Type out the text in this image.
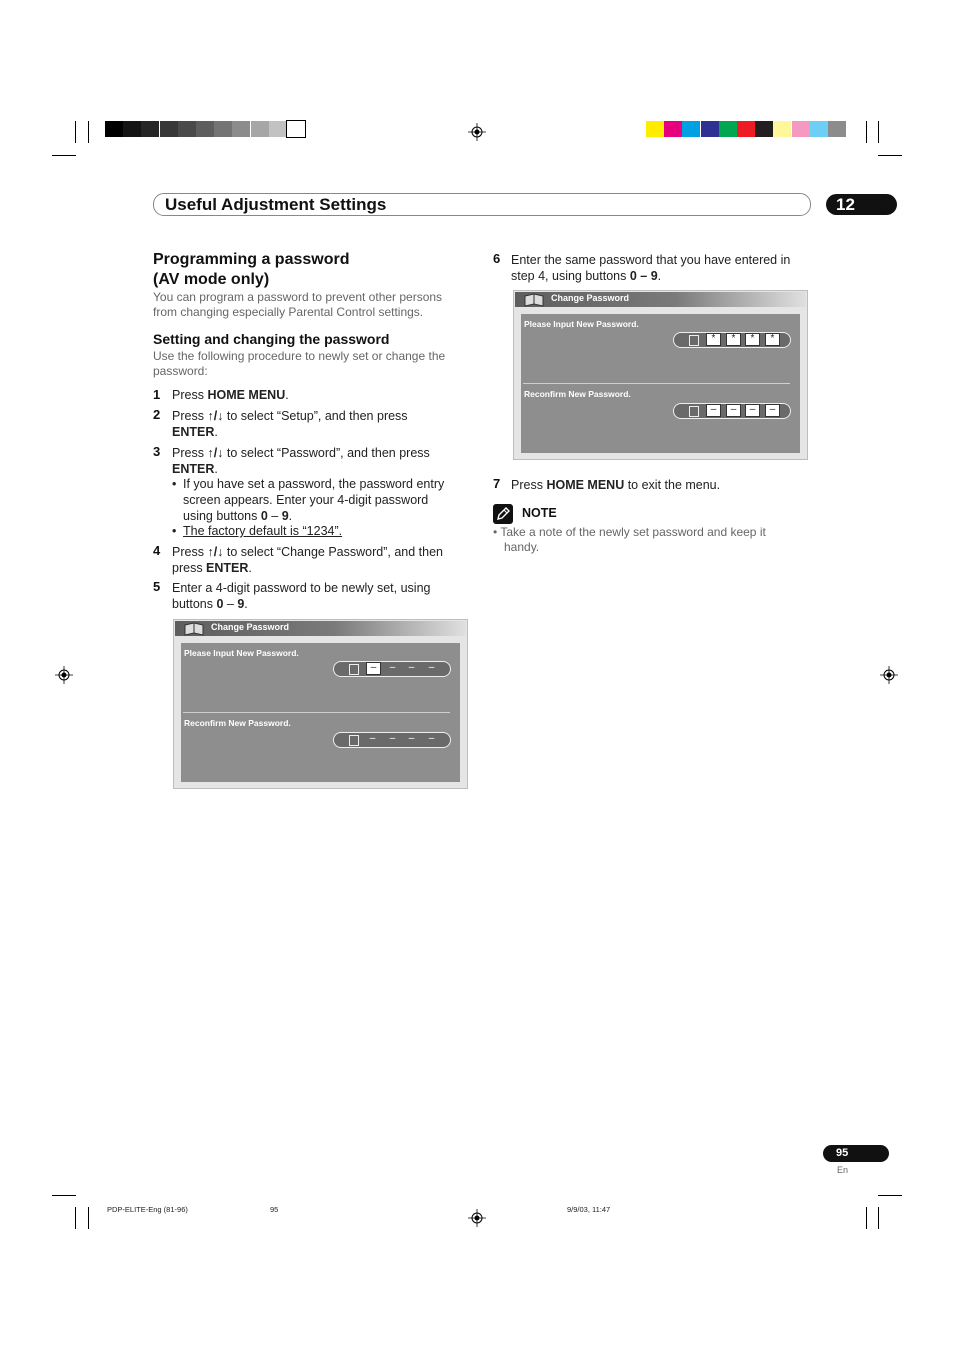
Useful Adjustment Settings	12
Programming a password
(AV mode only)
You can program a password to prevent other persons
from changing especially Parental Control settings.
Setting and changing the password
Use the following procedure to newly set or change the
password:
1 Press HOME MENU.
2 Press ↑/↓ to select “Setup”, and then press
ENTER.
3 Press ↑/↓ to select “Password”, and then press
ENTER.
• If you have set a password, the password entry
screen appears. Enter your 4-digit password
using buttons 0 – 9.
• The factory default is “1234”.
4 Press ↑/↓ to select “Change Password”, and then
press ENTER.
5 Enter a 4-digit password to be newly set, using
buttons 0 – 9.
Change Password
Please Input New Password.
–	–	–	–
Reconfirm New Password.
–	–	–	–
6 Enter the same password that you have entered in
step 4, using buttons 0 – 9.
Change Password
Please Input New Password.
*	*	*	*
Reconfirm New Password.
–	–	–	–
7 Press HOME MENU to exit the menu.
NOTE
• Take a note of the newly set password and keep it
handy.
95
En
PDP-ELITE-Eng (81-96)	95	9/9/03, 11:47
